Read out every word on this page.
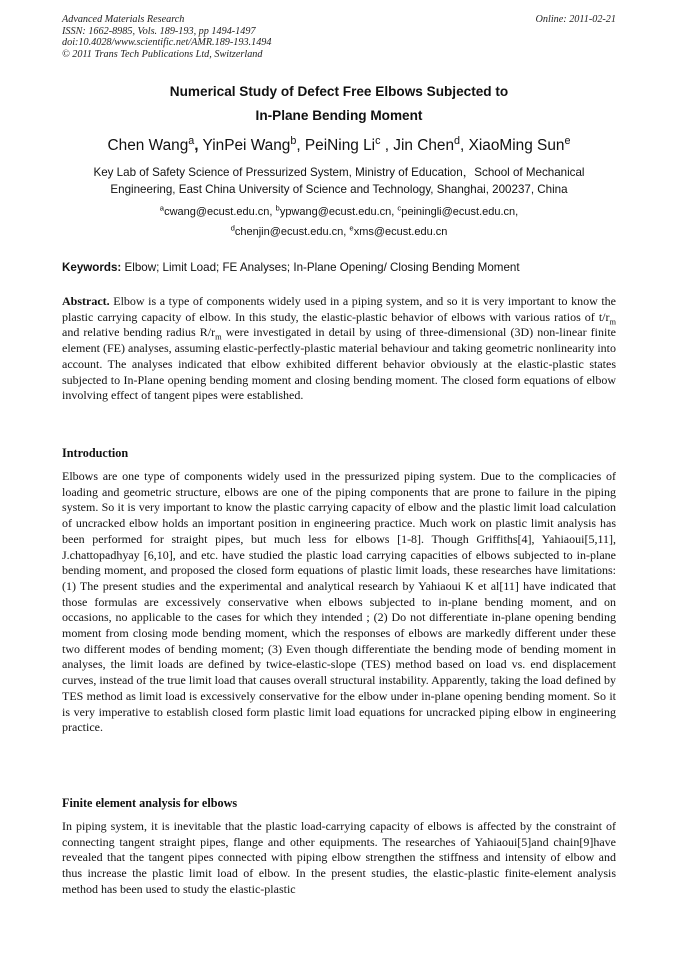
Advanced Materials Research
ISSN: 1662-8985, Vols. 189-193, pp 1494-1497
doi:10.4028/www.scientific.net/AMR.189-193.1494
© 2011 Trans Tech Publications Ltd, Switzerland
Online: 2011-02-21
Numerical Study of Defect Free Elbows Subjected to
In-Plane Bending Moment
Chen Wang$^a$, YinPei Wang$^b$, PeiNing Li$^c$ , Jin Chen$^d$, XiaoMing Sun$^e$
Key Lab of Safety Science of Pressurized System, Ministry of Education，School of Mechanical
Engineering, East China University of Science and Technology, Shanghai, 200237, China
$^a$cwang@ecust.edu.cn, $^b$ypwang@ecust.edu.cn, $^c$peiningli@ecust.edu.cn,
$^d$chenjin@ecust.edu.cn, $^e$xms@ecust.edu.cn
Keywords: Elbow; Limit Load; FE Analyses; In-Plane Opening/ Closing Bending Moment
Abstract. Elbow is a type of components widely used in a piping system, and so it is very important to know the plastic carrying capacity of elbow. In this study, the elastic-plastic behavior of elbows with various ratios of $t/r_m$ and relative bending radius $R/r_m$ were investigated in detail by using of three-dimensional (3D) non-linear finite element (FE) analyses, assuming elastic-perfectly-plastic material behaviour and taking geometric nonlinearity into account. The analyses indicated that elbow exhibited different behavior obviously at the elastic-plastic states subjected to In-Plane opening bending moment and closing bending moment. The closed form equations of elbow involving effect of tangent pipes were established.
Introduction
Elbows are one type of components widely used in the pressurized piping system. Due to the complicacies of loading and geometric structure, elbows are one of the piping components that are prone to failure in the piping system. So it is very important to know the plastic carrying capacity of elbow and the plastic limit load calculation of uncracked elbow holds an important position in engineering practice. Much work on plastic limit analysis has been performed for straight pipes, but much less for elbows [1-8]. Though Griffiths[4], Yahiaoui[5,11], J.chattopadhyay [6,10], and etc. have studied the plastic load carrying capacities of elbows subjected to in-plane bending moment, and proposed the closed form equations of plastic limit loads, these researches have limitations: (1) The present studies and the experimental and analytical research by Yahiaoui K et al[11] have indicated that those formulas are excessively conservative when elbows subjected to in-plane bending moment, and on occasions, no applicable to the cases for which they intended ; (2) Do not differentiate in-plane opening bending moment from closing mode bending moment, which the responses of elbows are markedly different under these two different modes of bending moment; (3) Even though differentiate the bending mode of bending moment in analyses, the limit loads are defined by twice-elastic-slope (TES) method based on load vs. end displacement curves, instead of the true limit load that causes overall structural instability. Apparently, taking the load defined by TES method as limit load is excessively conservative for the elbow under in-plane opening bending moment. So it is very imperative to establish closed form plastic limit load equations for uncracked piping elbow in engineering practice.
Finite element analysis for elbows
In piping system, it is inevitable that the plastic load-carrying capacity of elbows is affected by the constraint of connecting tangent straight pipes, flange and other equipments. The researches of Yahiaoui[5]and chain[9]have revealed that the tangent pipes connected with piping elbow strengthen the stiffness and intensity of elbow and thus increase the plastic limit load of elbow. In the present studies, the elastic-plastic finite-element analysis method has been used to study the elastic-plastic
